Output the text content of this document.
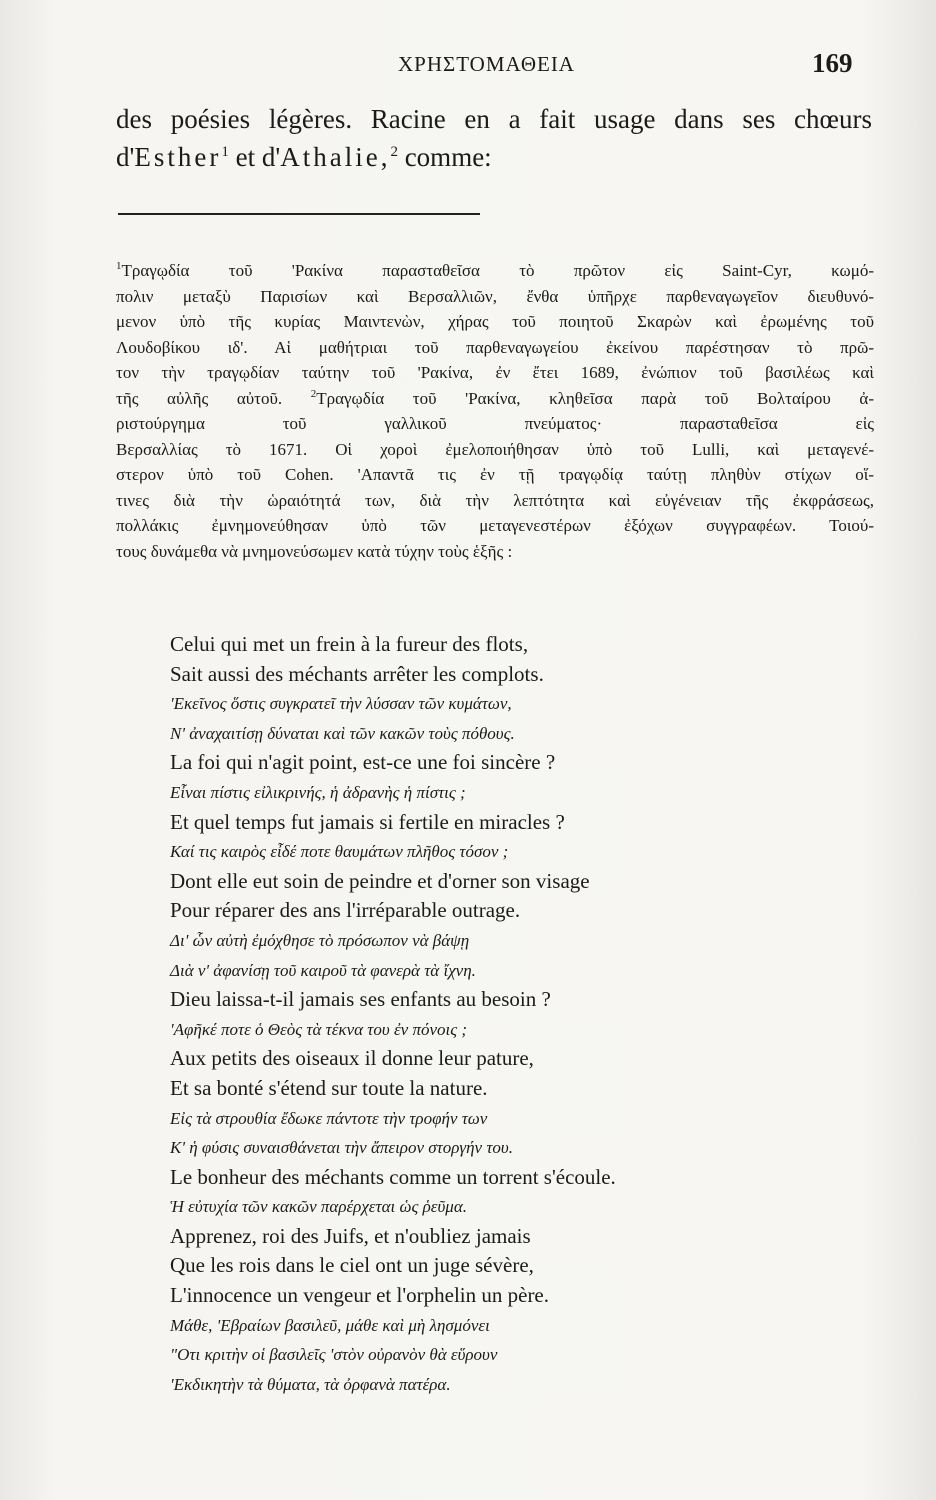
ΧΡΗΣΤΟΜΑΘΕΙΑ	169
des poésies légères. Racine en a fait usage dans ses chœurs
d'Esther$^1$ et d'Athalie,$^2$ comme:
$^1$Τραγῳδία τοῦ 'Ρακίνα παρασταθεῖσα τὸ πρῶτον εἰς Saint-Cyr, κωμό-
πολιν μεταξὺ Παρισίων καὶ Βερσαλλιῶν, ἔνθα ὑπῆρχε παρθεναγωγεῖον διευθυνό-
μενον ὑπὸ τῆς κυρίας Μαιντενὼν, χήρας τοῦ ποιητοῦ Σκαρὼν καὶ ἐρωμένης τοῦ
Λουδοβίκου ιδ'. Αἱ μαθήτριαι τοῦ παρθεναγωγείου ἐκείνου παρέστησαν τὸ πρῶ-
τον τὴν τραγῳδίαν ταύτην τοῦ 'Ρακίνα, ἐν ἔτει 1689, ἐνώπιον τοῦ βασιλέως καὶ
τῆς αὐλῆς αὐτοῦ.	$^2$Τραγῳδία τοῦ 'Ρακίνα, κληθεῖσα παρὰ τοῦ Βολταίρου ἀ-
ριστούργημα τοῦ γαλλικοῦ πνεύματος· παρασταθεῖσα εἰς
Βερσαλλίας τὸ 1671. Οἱ χοροὶ ἐμελοποιήθησαν ὑπὸ τοῦ Lulli, καὶ μεταγενέ-
στερον ὑπὸ τοῦ Cohen. 'Απαντᾶ τις ἐν τῇ τραγῳδίᾳ ταύτῃ πληθὺν στίχων οἵ-
τινες διὰ τὴν ὡραιότητά των, διὰ τὴν λεπτότητα καὶ εὐγένειαν τῆς ἐκφράσεως,
πολλάκις ἐμνημονεύθησαν ὑπὸ τῶν μεταγενεστέρων ἐξόχων συγγραφέων. Τοιού-
τους δυνάμεθα νὰ μνημονεύσωμεν κατὰ τύχην τοὺς ἑξῆς :
Celui qui met un frein à la fureur des flots,
Sait aussi des méchants arrêter les complots.
'Εκεῖνος ὅστις συγκρατεῖ τὴν λύσσαν τῶν κυμάτων,
Ν' ἀναχαιτίσῃ δύναται καὶ τῶν κακῶν τοὺς πόθους.
La foi qui n'agit point, est-ce une foi sincère ?
Εἶναι πίστις εἰλικρινής, ἡ ἀδρανὴς ἡ πίστις ;
Et quel temps fut jamais si fertile en miracles ?
Καί τις καιρὸς εἶδέ ποτε θαυμάτων πλῆθος τόσον ;
Dont elle eut soin de peindre et d'orner son visage
Pour réparer des ans l'irréparable outrage.
Δι' ὧν αὐτὴ ἐμόχθησε τὸ πρόσωπον νὰ βάψῃ
Διὰ ν' ἀφανίσῃ τοῦ καιροῦ τὰ φανερὰ τὰ ἴχνη.
Dieu laissa-t-il jamais ses enfants au besoin ?
'Αφῆκέ ποτε ὁ Θεὸς τὰ τέκνα του ἐν πόνοις ;
Aux petits des oiseaux il donne leur pature,
Et sa bonté s'étend sur toute la nature.
Εἰς τὰ στρουθία ἔδωκε πάντοτε τὴν τροφήν των
Κ' ἡ φύσις συναισθάνεται τὴν ἄπειρον στοργήν του.
Le bonheur des méchants comme un torrent s'écoule.
Ἡ εὐτυχία τῶν κακῶν παρέρχεται ὡς ῥεῦμα.
Apprenez, roi des Juifs, et n'oubliez jamais
Que les rois dans le ciel ont un juge sévère,
L'innocence un vengeur et l'orphelin un père.
Μάθε, 'Εβραίων βασιλεῦ, μάθε καὶ μὴ λησμόνει
"Οτι κριτὴν οἱ βασιλεῖς 'στὸν οὐρανὸν θὰ εὕρουν
'Εκδικητὴν τὰ θύματα, τὰ ὀρφανὰ πατέρα.
